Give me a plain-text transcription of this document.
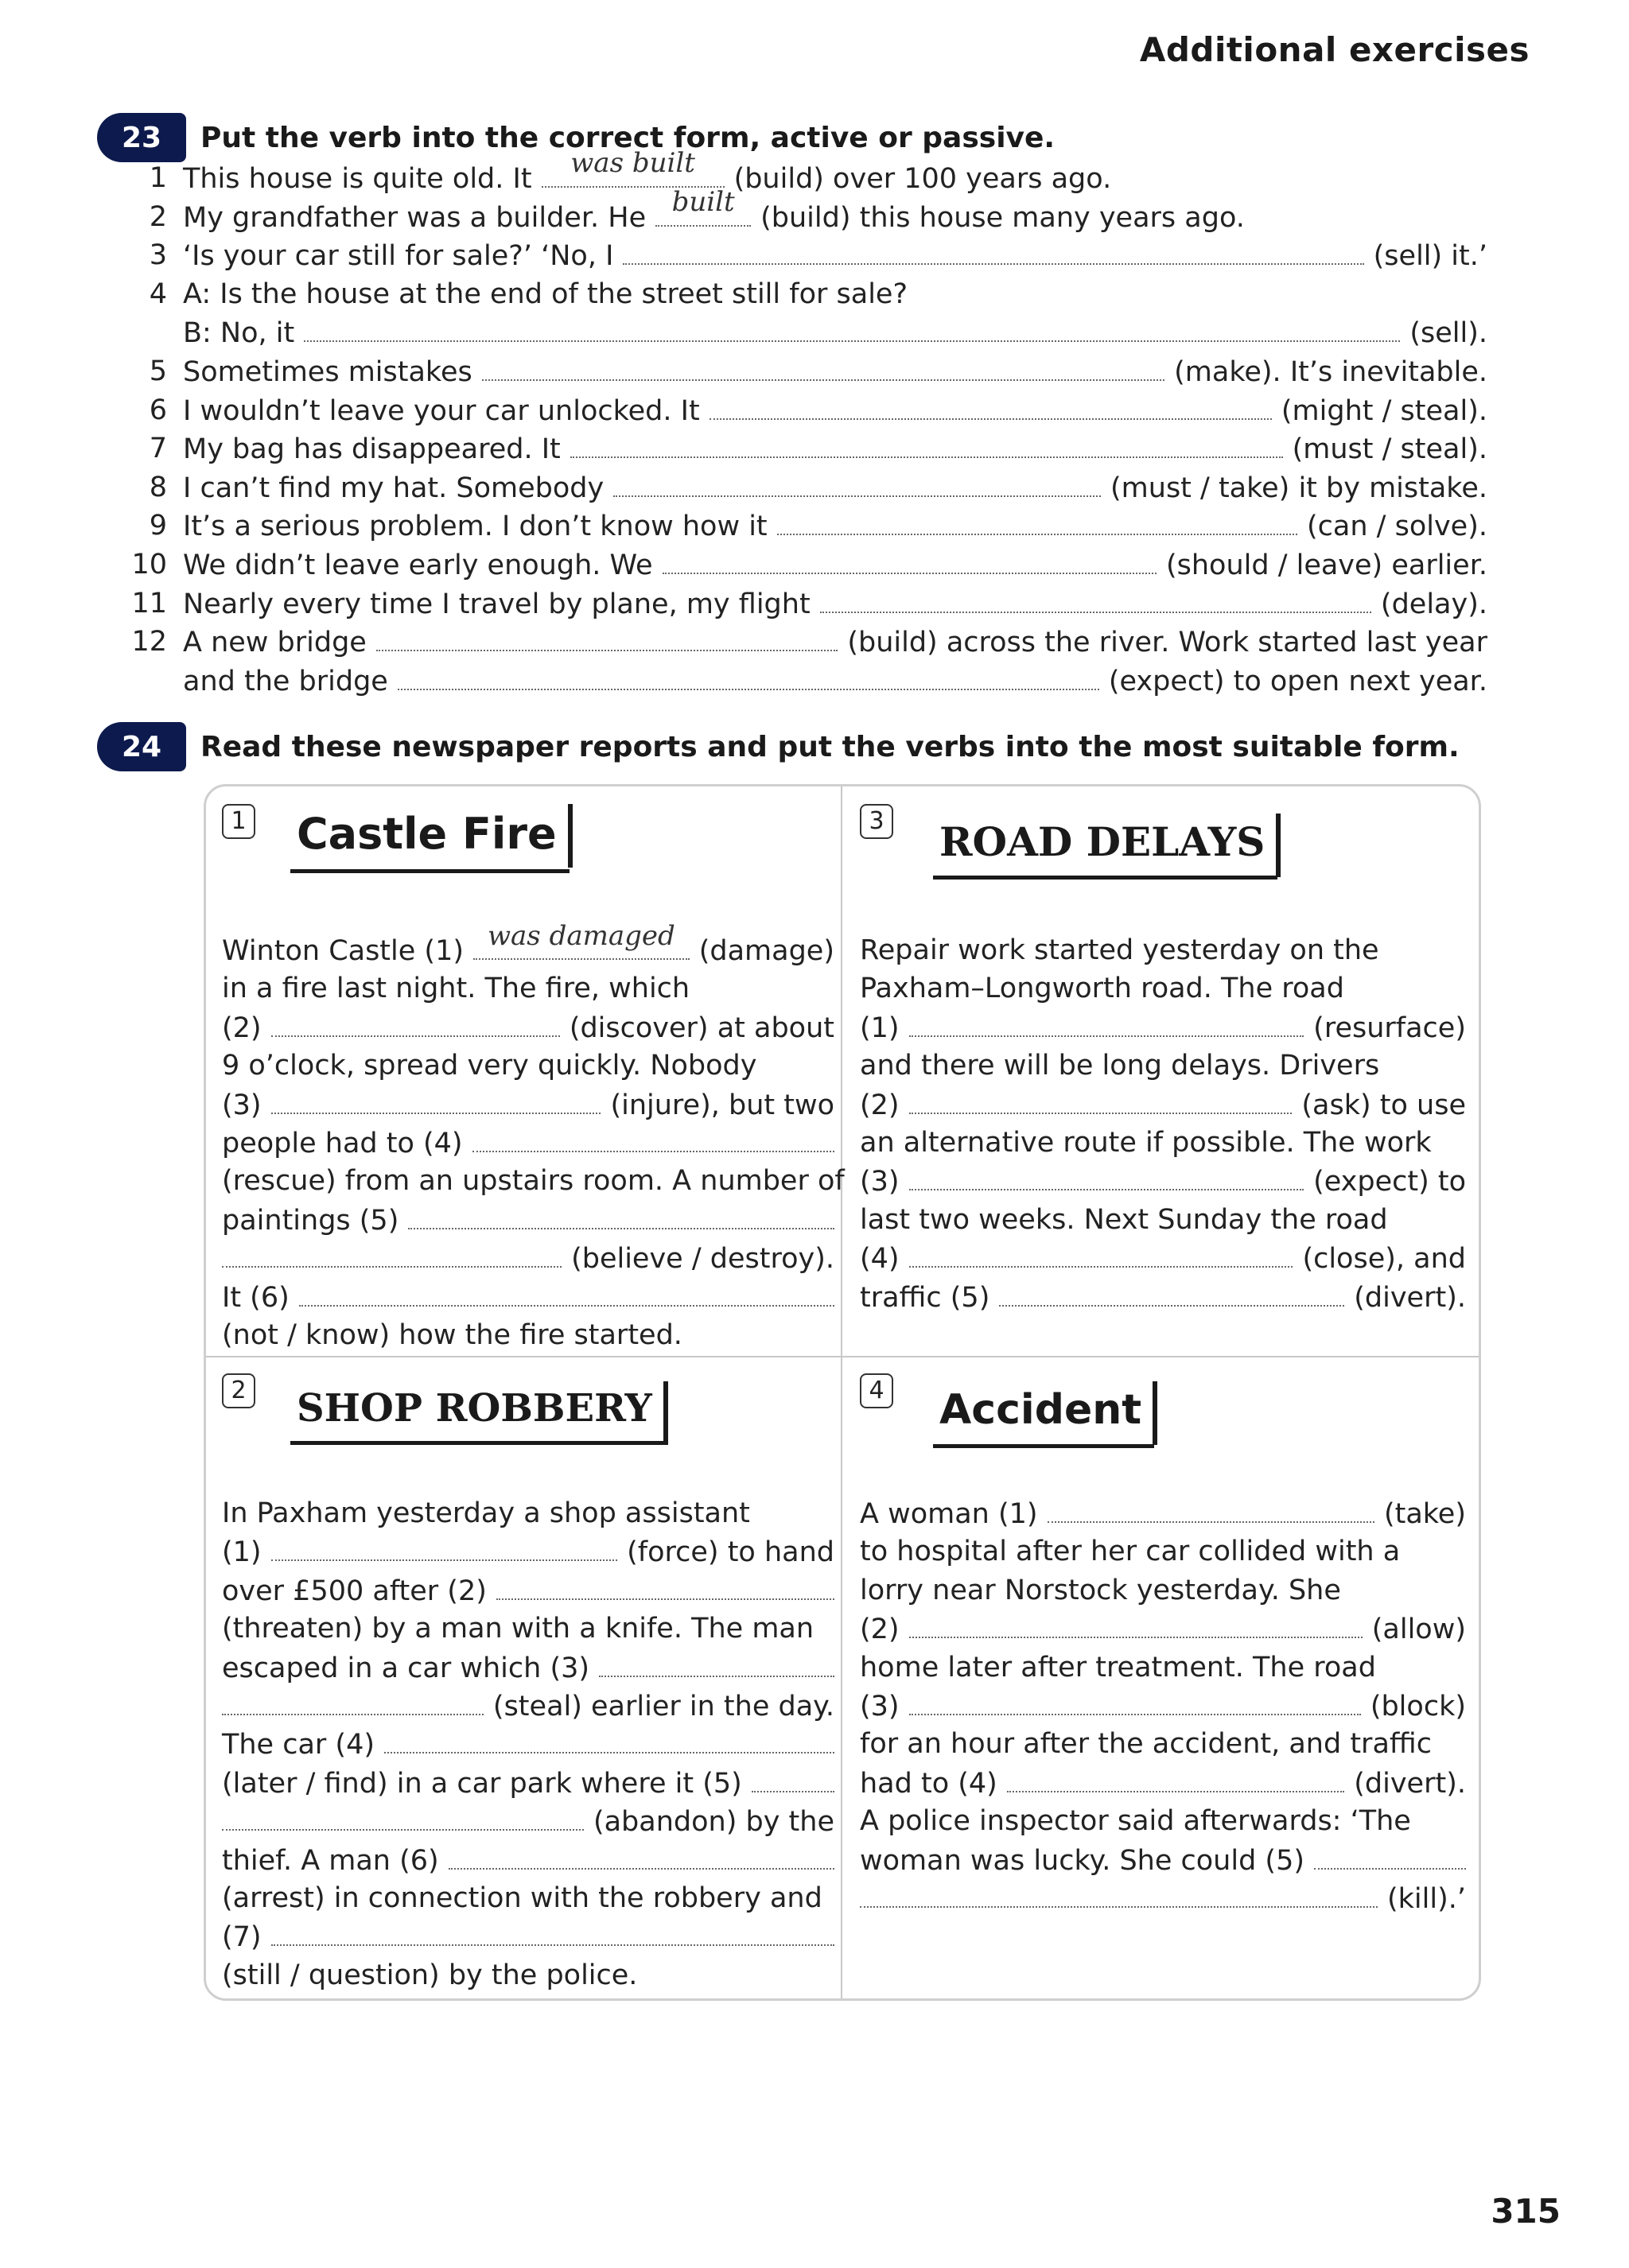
Additional exercises
23	Put the verb into the correct form, active or passive.
1 This house is quite old. It	was built	(build) over 100 years ago.
2 My grandfather was a builder. He built (build) this house many years ago.
3 ‘Is your car still for sale?’ ‘No, I	(sell) it.’
4 A: Is the house at the end of the street still for sale?
B: No, it	(sell).
5 Sometimes mistakes	(make). It’s inevitable.
6 I wouldn’t leave your car unlocked. It	(might / steal).
7 My bag has disappeared. It	(must / steal).
8 I can’t find my hat. Somebody	(must / take) it by mistake.
9 It’s a serious problem. I don’t know how it	(can / solve).
10 We didn’t leave early enough. We	(should / leave) earlier.
11 Nearly every time I travel by plane, my flight	(delay).
12 A new bridge	(build) across the river. Work started last year
and the bridge	(expect) to open next year.
24	Read these newspaper reports and put the verbs into the most suitable form.
1 Castle Fire
Winton Castle (1) was damaged (damage)
in a fire last night. The fire, which
(2)	(discover) at about
9 o’clock, spread very quickly. Nobody
(3)	(injure), but two
people had to (4)
(rescue) from an upstairs room. A number of
paintings (5)
(believe / destroy).
It (6)
(not / know) how the fire started.
3 ROAD DELAYS
Repair work started yesterday on the
Paxham–Longworth road. The road
(1)	(resurface)
and there will be long delays. Drivers
(2)	(ask) to use
an alternative route if possible. The work
(3)	(expect) to
last two weeks. Next Sunday the road
(4)	(close), and
traffic (5)	(divert).
2 SHOP ROBBERY
In Paxham yesterday a shop assistant
(1)	(force) to hand
over £500 after (2)
(threaten) by a man with a knife. The man
escaped in a car which (3)
(steal) earlier in the day.
The car (4)
(later / find) in a car park where it (5)
(abandon) by the
thief. A man (6)
(arrest) in connection with the robbery and
(7)
(still / question) by the police.
4 Accident
A woman (1)	(take)
to hospital after her car collided with a
lorry near Norstock yesterday. She
(2)	(allow)
home later after treatment. The road
(3)	(block)
for an hour after the accident, and traffic
had to (4)	(divert).
A police inspector said afterwards: ‘The
woman was lucky. She could (5)
(kill).’
315
